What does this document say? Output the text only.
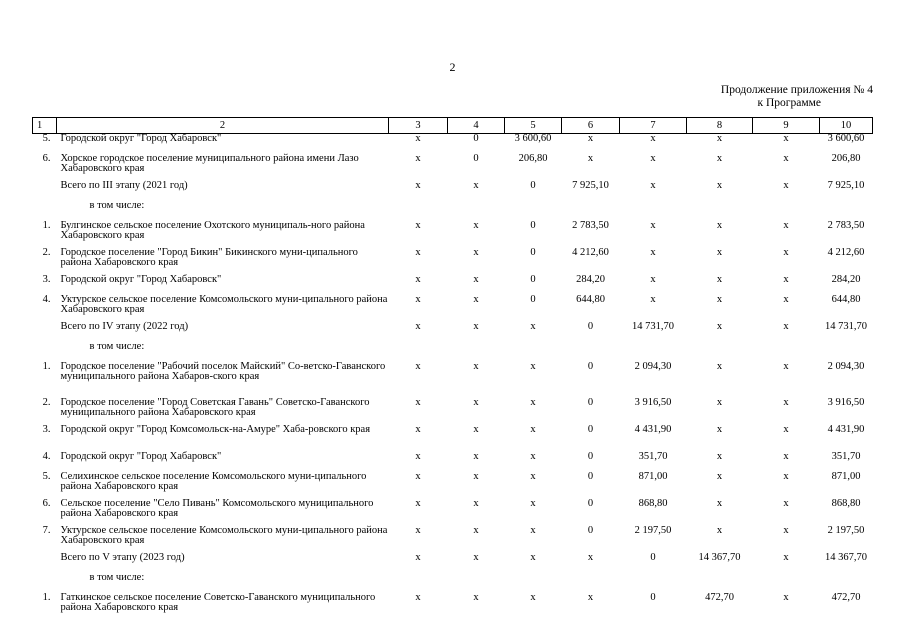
2
Продолжение приложения № 4

к Программе
1	2	3	4	5	6	7	8	9	10
5.	Городской округ "Город Хабаровск"	х	0	3 600,60	х	х	х	х	3 600,60
6.	Хорское городское поселение муниципального района имени Лазо Хабаровского края	х	0	206,80	х	х	х	х	206,80
	Всего по III этапу (2021 год)	х	х	0	7 925,10	х	х	х	7 925,10
	в том числе:								
1.	Булгинское сельское поселение Охотского муниципаль-ного района Хабаровского края	х	х	0	2 783,50	х	х	х	2 783,50
2.	Городское поселение "Город Бикин" Бикинского муни-ципального района Хабаровского края	х	х	0	4 212,60	х	х	х	4 212,60
3.	Городской округ "Город Хабаровск"	х	х	0	284,20	х	х	х	284,20
4.	Уктурское сельское поселение Комсомольского муни-ципального района Хабаровского края	х	х	0	644,80	х	х	х	644,80
	Всего по IV этапу (2022 год)	х	х	х	0	14 731,70	х	х	14 731,70
	в том числе:								
1.	Городское поселение "Рабочий поселок Майский" Со-ветско-Гаванского муниципального района Хабаров-ского края	х	х	х	0	2 094,30	х	х	2 094,30
2.	Городское поселение "Город Советская Гавань" Советско-Гаванского муниципального района Хабаровского края	х	х	х	0	3 916,50	х	х	3 916,50
3.	Городской округ "Город Комсомольск-на-Амуре" Хаба-ровского края	х	х	х	0	4 431,90	х	х	4 431,90
4.	Городской округ "Город Хабаровск"	х	х	х	0	351,70	х	х	351,70
5.	Селихинское сельское поселение Комсомольского муни-ципального района Хабаровского края	х	х	х	0	871,00	х	х	871,00
6.	Сельское поселение "Село Пивань" Комсомольского муниципального района Хабаровского края	х	х	х	0	868,80	х	х	868,80
7.	Уктурское сельское поселение Комсомольского муни-ципального района Хабаровского края	х	х	х	0	2 197,50	х	х	2 197,50
	Всего по V этапу (2023 год)	х	х	х	х	0	14 367,70	х	14 367,70
	в том числе:								
1.	Гаткинское сельское поселение Советско-Гаванского муниципального района Хабаровского края	х	х	х	х	0	472,70	х	472,70
